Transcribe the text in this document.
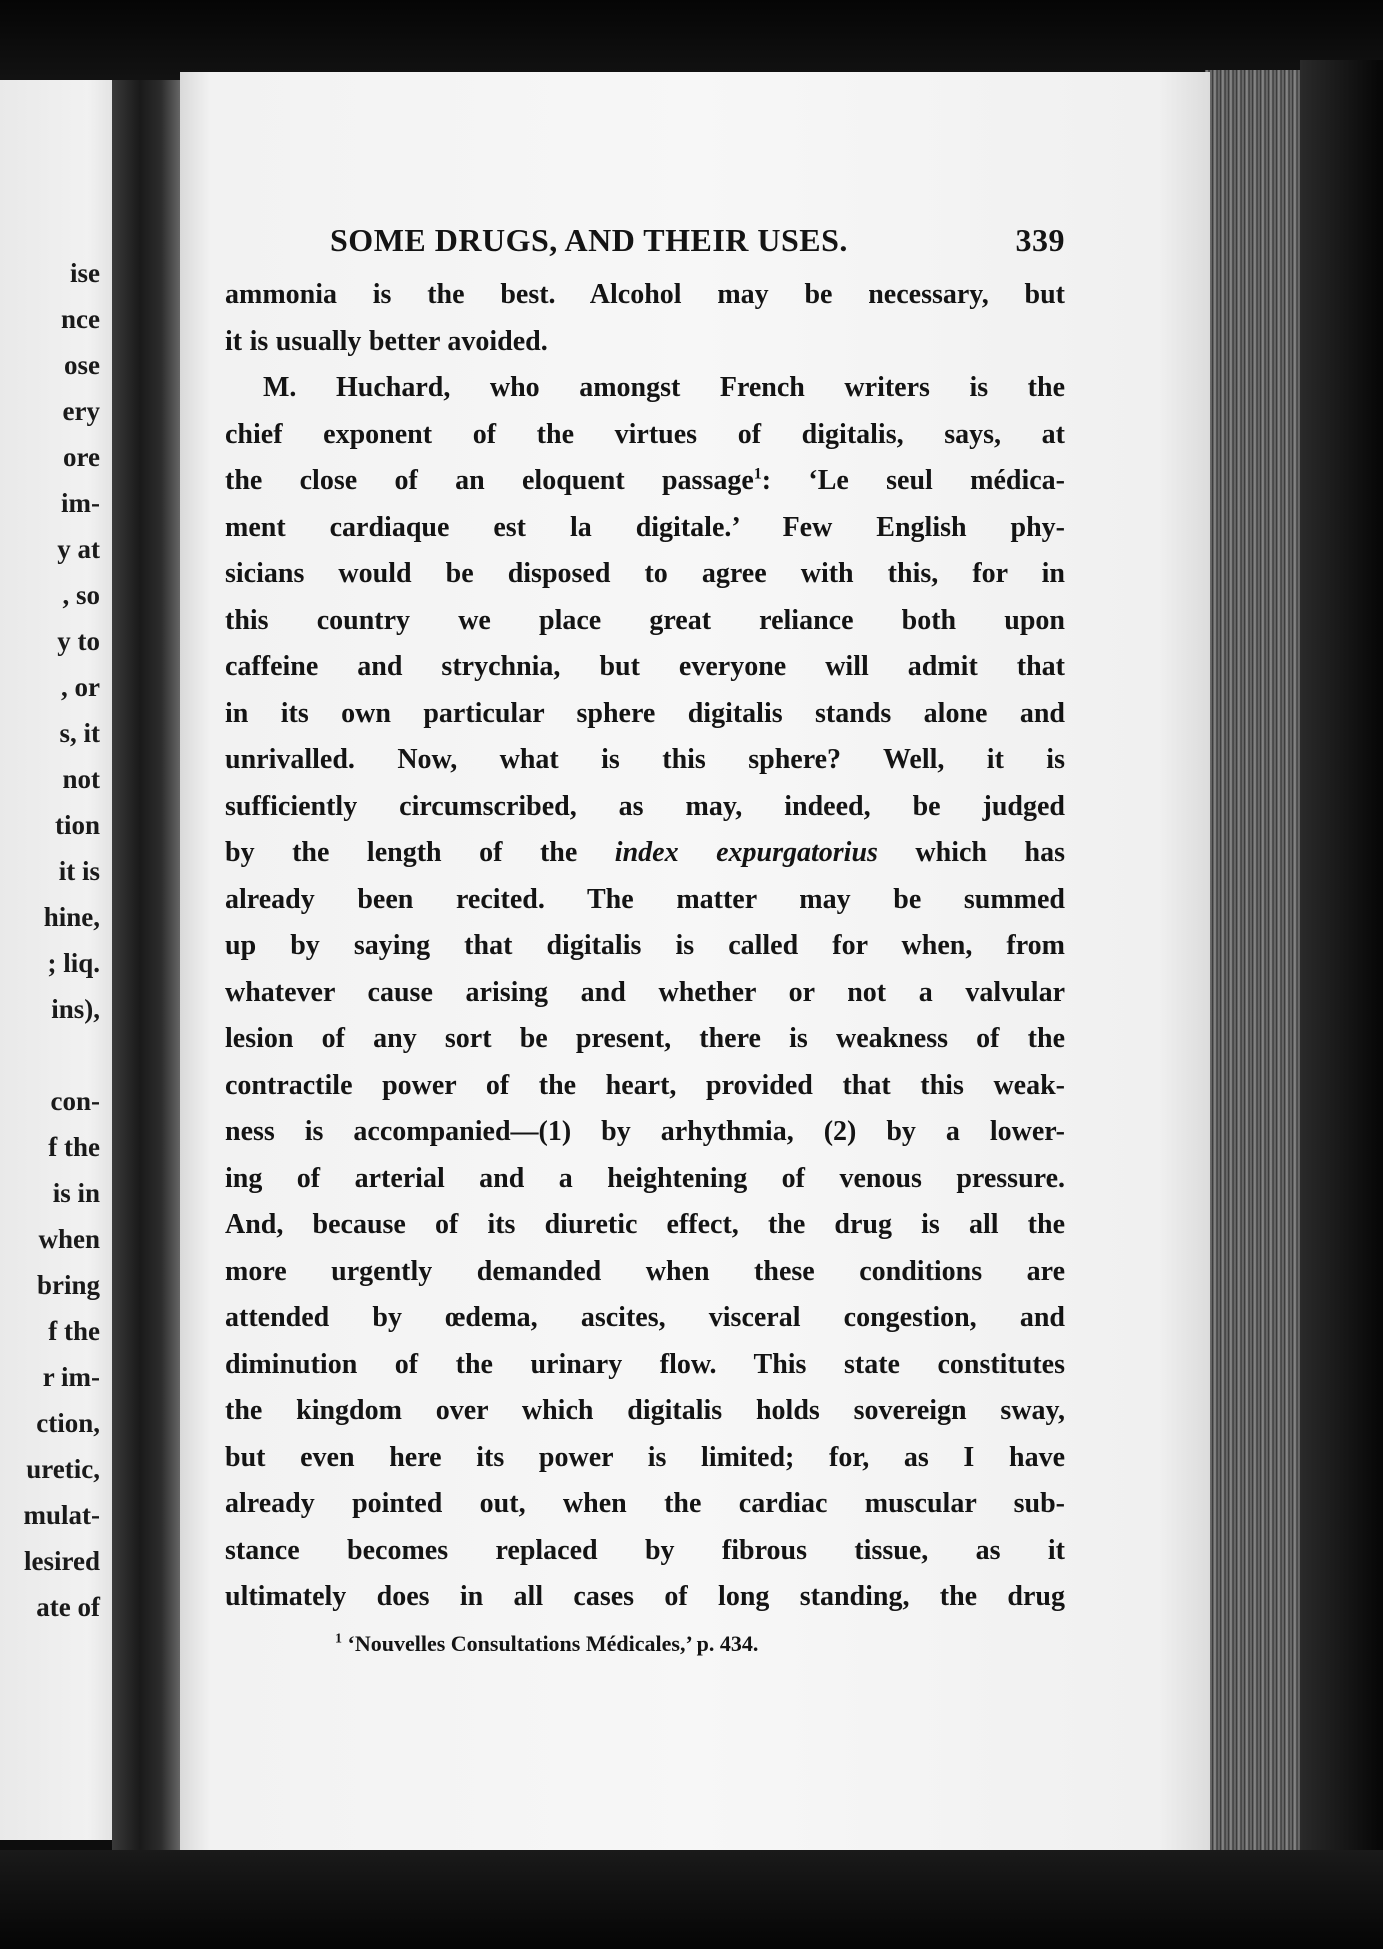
ise
nce
ose
ery
ore
im-
y at
, so
y to
, or
s, it
not
tion
it is
hine,
; liq.
ins),
con-
f the
is in
when
bring
f the
r im-
ction,
uretic,
mulat-
lesired
ate of
SOME DRUGS, AND THEIR USES.	339
ammonia is the best. Alcohol may be necessary, but
it is usually better avoided.
M. Huchard, who amongst French writers is the
chief exponent of the virtues of digitalis, says, at
the close of an eloquent passage$^1$: ‘Le seul médica-
ment cardiaque est la digitale.’ Few English phy-
sicians would be disposed to agree with this, for in
this country we place great reliance both upon
caffeine and strychnia, but everyone will admit that
in its own particular sphere digitalis stands alone and
unrivalled. Now, what is this sphere? Well, it is
sufficiently circumscribed, as may, indeed, be judged
by the length of the index expurgatorius which has
already been recited. The matter may be summed
up by saying that digitalis is called for when, from
whatever cause arising and whether or not a valvular
lesion of any sort be present, there is weakness of the
contractile power of the heart, provided that this weak-
ness is accompanied—(1) by arhythmia, (2) by a lower-
ing of arterial and a heightening of venous pressure.
And, because of its diuretic effect, the drug is all the
more urgently demanded when these conditions are
attended by œdema, ascites, visceral congestion, and
diminution of the urinary flow. This state constitutes
the kingdom over which digitalis holds sovereign sway,
but even here its power is limited; for, as I have
already pointed out, when the cardiac muscular sub-
stance becomes replaced by fibrous tissue, as it
ultimately does in all cases of long standing, the drug
$^1$ ‘Nouvelles Consultations Médicales,’ p. 434.
